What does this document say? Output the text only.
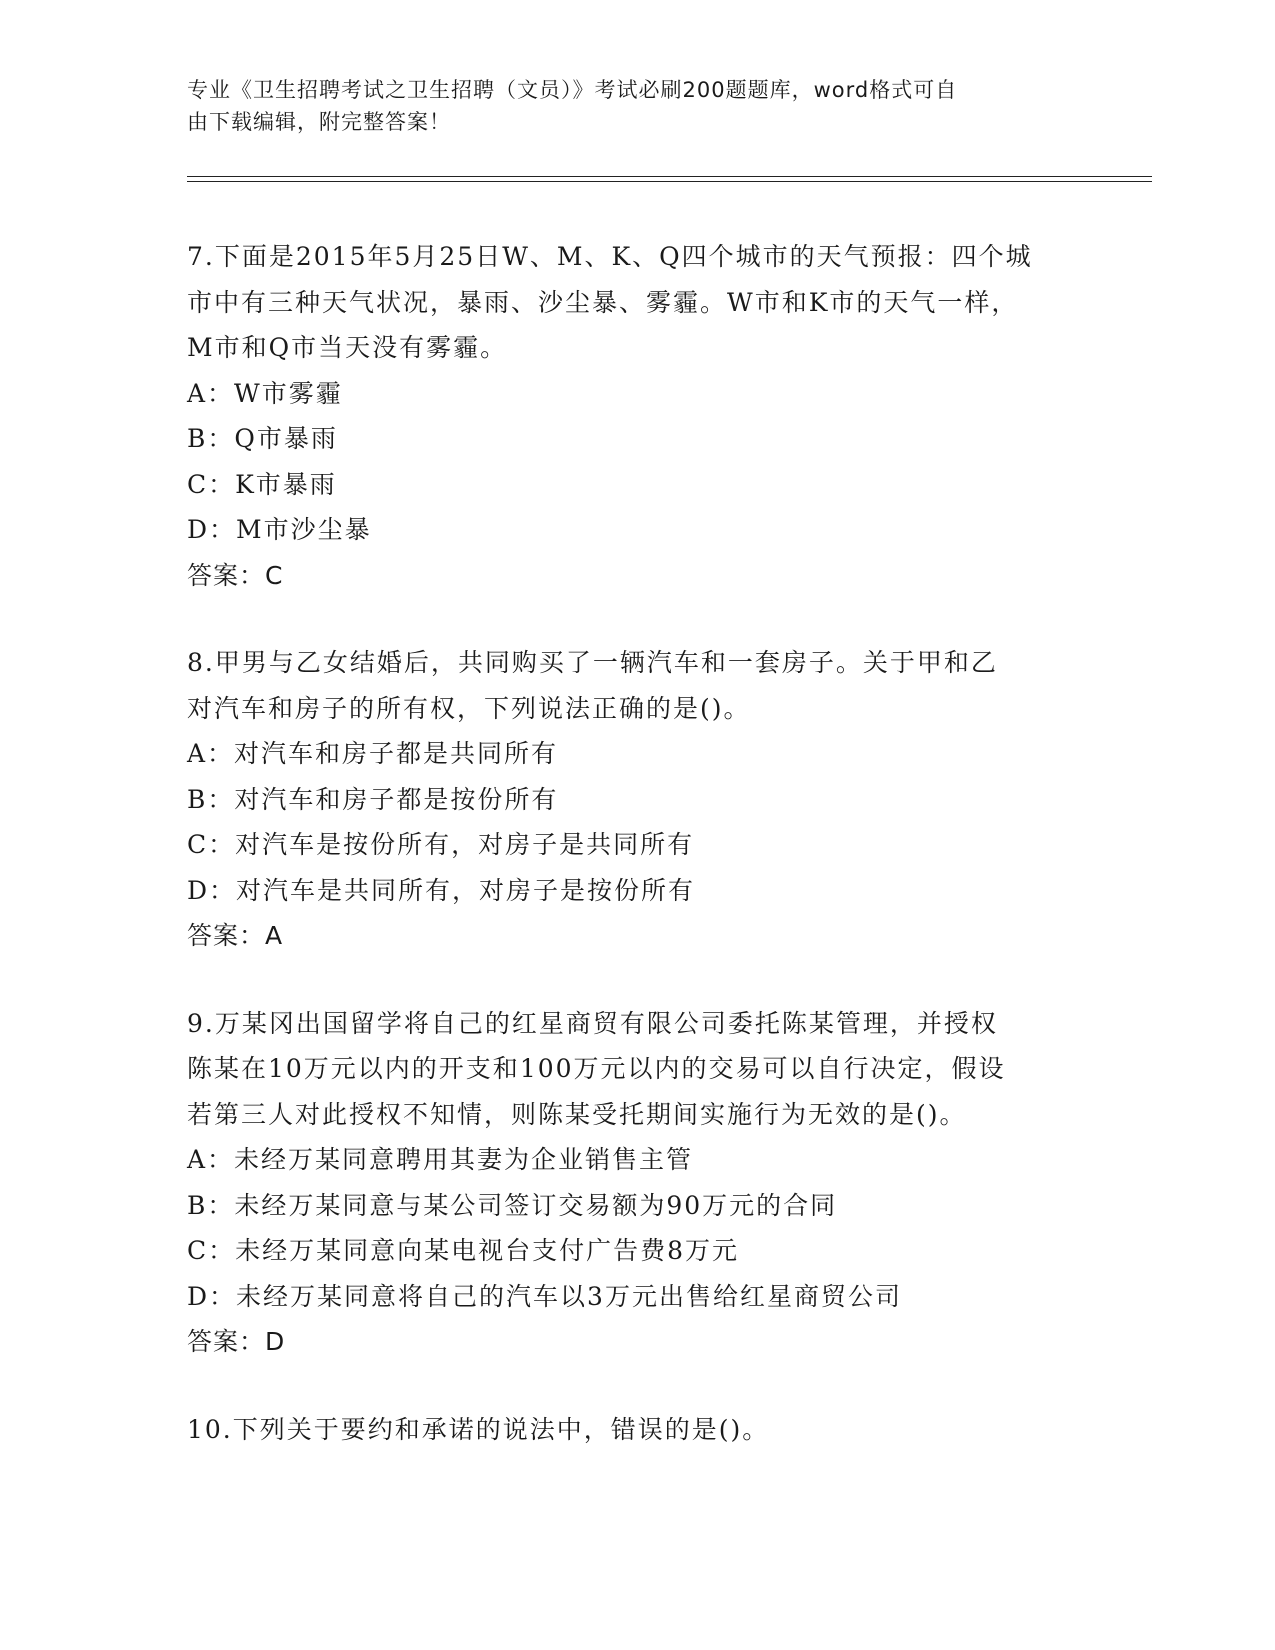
专业《卫生招聘考试之卫生招聘（文员）》考试必刷200题题库，word格式可自
由下载编辑，附完整答案！
7.下面是2015年5月25日W、M、K、Q四个城市的天气预报：四个城
市中有三种天气状况，暴雨、沙尘暴、雾霾。W市和K市的天气一样，
M市和Q市当天没有雾霾。
A：W市雾霾
B：Q市暴雨
C：K市暴雨
D：M市沙尘暴
答案：C
8.甲男与乙女结婚后，共同购买了一辆汽车和一套房子。关于甲和乙
对汽车和房子的所有权，下列说法正确的是()。
A：对汽车和房子都是共同所有
B：对汽车和房子都是按份所有
C：对汽车是按份所有，对房子是共同所有
D：对汽车是共同所有，对房子是按份所有
答案：A
9.万某冈出国留学将自己的红星商贸有限公司委托陈某管理，并授权
陈某在10万元以内的开支和100万元以内的交易可以自行决定，假设
若第三人对此授权不知情，则陈某受托期间实施行为无效的是()。
A：未经万某同意聘用其妻为企业销售主管
B：未经万某同意与某公司签订交易额为90万元的合同
C：未经万某同意向某电视台支付广告费8万元
D：未经万某同意将自己的汽车以3万元出售给红星商贸公司
答案：D
10.下列关于要约和承诺的说法中，错误的是()。
